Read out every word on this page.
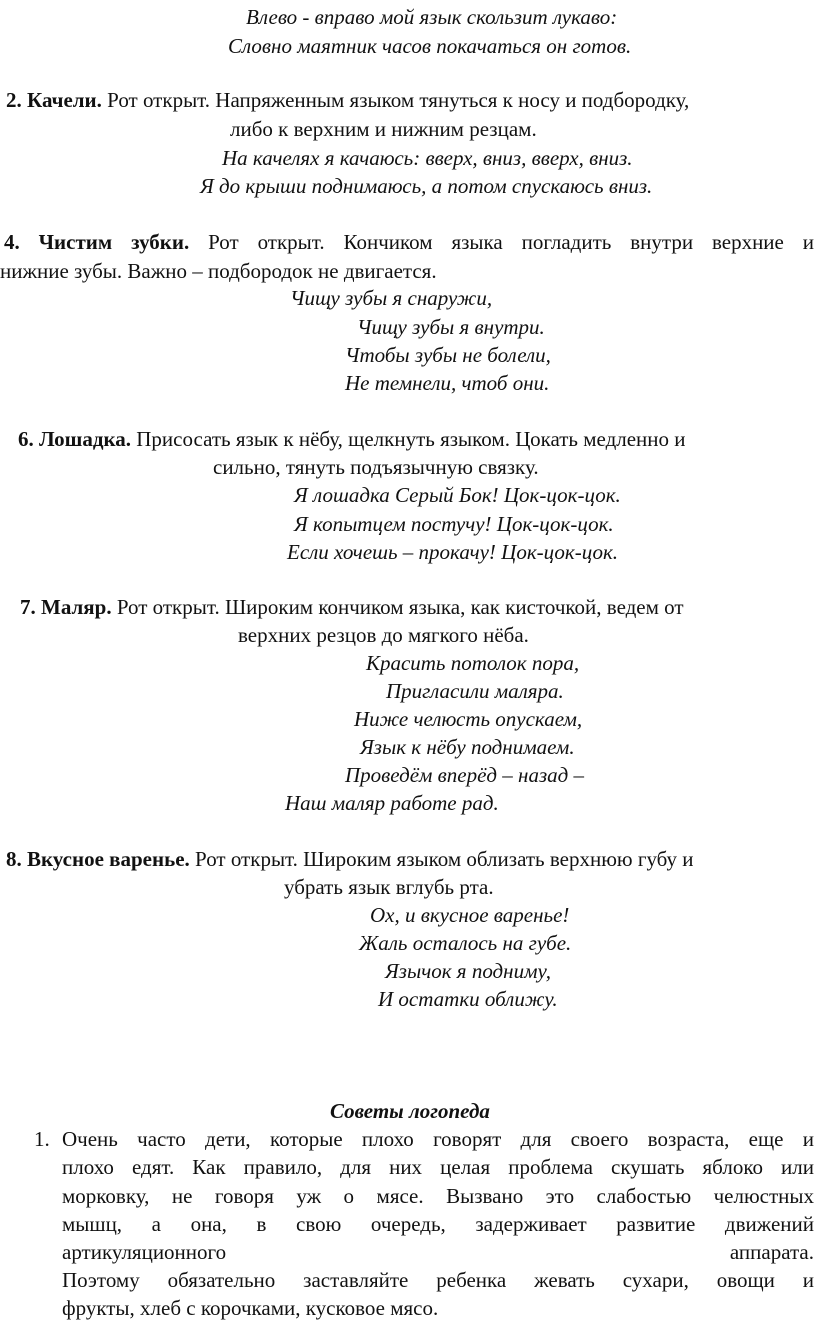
Влево - вправо мой язык скользит лукаво:
Словно маятник часов покачаться он готов.
2. Качели. Рот открыт. Напряженным языком тянуться к носу и подбородку,
либо к верхним и нижним резцам.
На качелях я качаюсь: вверх, вниз, вверх, вниз.
Я до крыши поднимаюсь, а потом спускаюсь вниз.
4. Чистим зубки. Рот открыт. Кончиком языка погладить внутри верхние и
нижние зубы. Важно – подбородок не двигается.
Чищу зубы я снаружи,
Чищу зубы я внутри.
Чтобы зубы не болели,
Не темнели, чтоб они.
6. Лошадка. Присосать язык к нёбу, щелкнуть языком. Цокать медленно и
сильно, тянуть подъязычную связку.
Я лошадка Серый Бок! Цок-цок-цок.
Я копытцем постучу! Цок-цок-цок.
Если хочешь – прокачу! Цок-цок-цок.
7. Маляр. Рот открыт. Широким кончиком языка, как кисточкой, ведем от
верхних резцов до мягкого нёба.
Красить потолок пора,
Пригласили маляра.
Ниже челюсть опускаем,
Язык к нёбу поднимаем.
Проведём вперёд – назад –
Наш маляр работе рад.
8. Вкусное варенье. Рот открыт. Широким языком облизать верхнюю губу и
убрать язык вглубь рта.
Ох, и вкусное варенье!
Жаль осталось на губе.
Язычок я подниму,
И остатки оближу.
Советы логопеда
1. Очень часто дети, которые плохо говорят для своего возраста, еще и
плохо едят. Как правило, для них целая проблема скушать яблоко или
морковку, не говоря уж о мясе. Вызвано это слабостью челюстных
мышц, а она, в свою очередь, задерживает развитие движений
артикуляционного аппарата.
Поэтому обязательно заставляйте ребенка жевать сухари, овощи и
фрукты, хлеб с корочками, кусковое мясо.
